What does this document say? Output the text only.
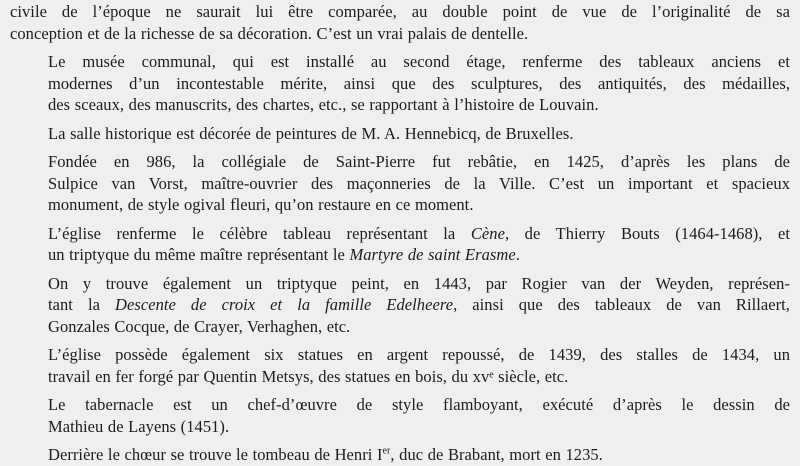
civile de l’époque ne saurait lui être comparée, au double point de vue de l’originalité de sa
conception et de la richesse de sa décoration. C’est un vrai palais de dentelle.

Le musée communal, qui est installé au second étage, renferme des tableaux anciens et
modernes d’un incontestable mérite, ainsi que des sculptures, des antiquités, des médailles,
des sceaux, des manuscrits, des chartes, etc., se rapportant à l’histoire de Louvain.

La salle historique est décorée de peintures de M. A. Hennebicq, de Bruxelles.

Fondée en 986, la collégiale de Saint-Pierre fut rebâtie, en 1425, d’après les plans de
Sulpice van Vorst, maître-ouvrier des maçonneries de la Ville. C’est un important et spacieux
monument, de style ogival fleuri, qu’on restaure en ce moment.

L’église renferme le célèbre tableau représentant la Cène, de Thierry Bouts (1464-1468), et
un triptyque du même maître représentant le Martyre de saint Erasme.

On y trouve également un triptyque peint, en 1443, par Rogier van der Weyden, représen-
tant la Descente de croix et la famille Edelheere, ainsi que des tableaux de van Rillaert,
Gonzales Cocque, de Crayer, Verhaghen, etc.

L’église possède également six statues en argent repoussé, de 1439, des stalles de 1434, un
travail en fer forgé par Quentin Metsys, des statues en bois, du xvᵉ siècle, etc.

Le tabernacle est un chef-d’œuvre de style flamboyant, exécuté d’après le dessin de
Mathieu de Layens (1451).

Derrière le chœur se trouve le tombeau de Henri Ier, duc de Brabant, mort en 1235.
